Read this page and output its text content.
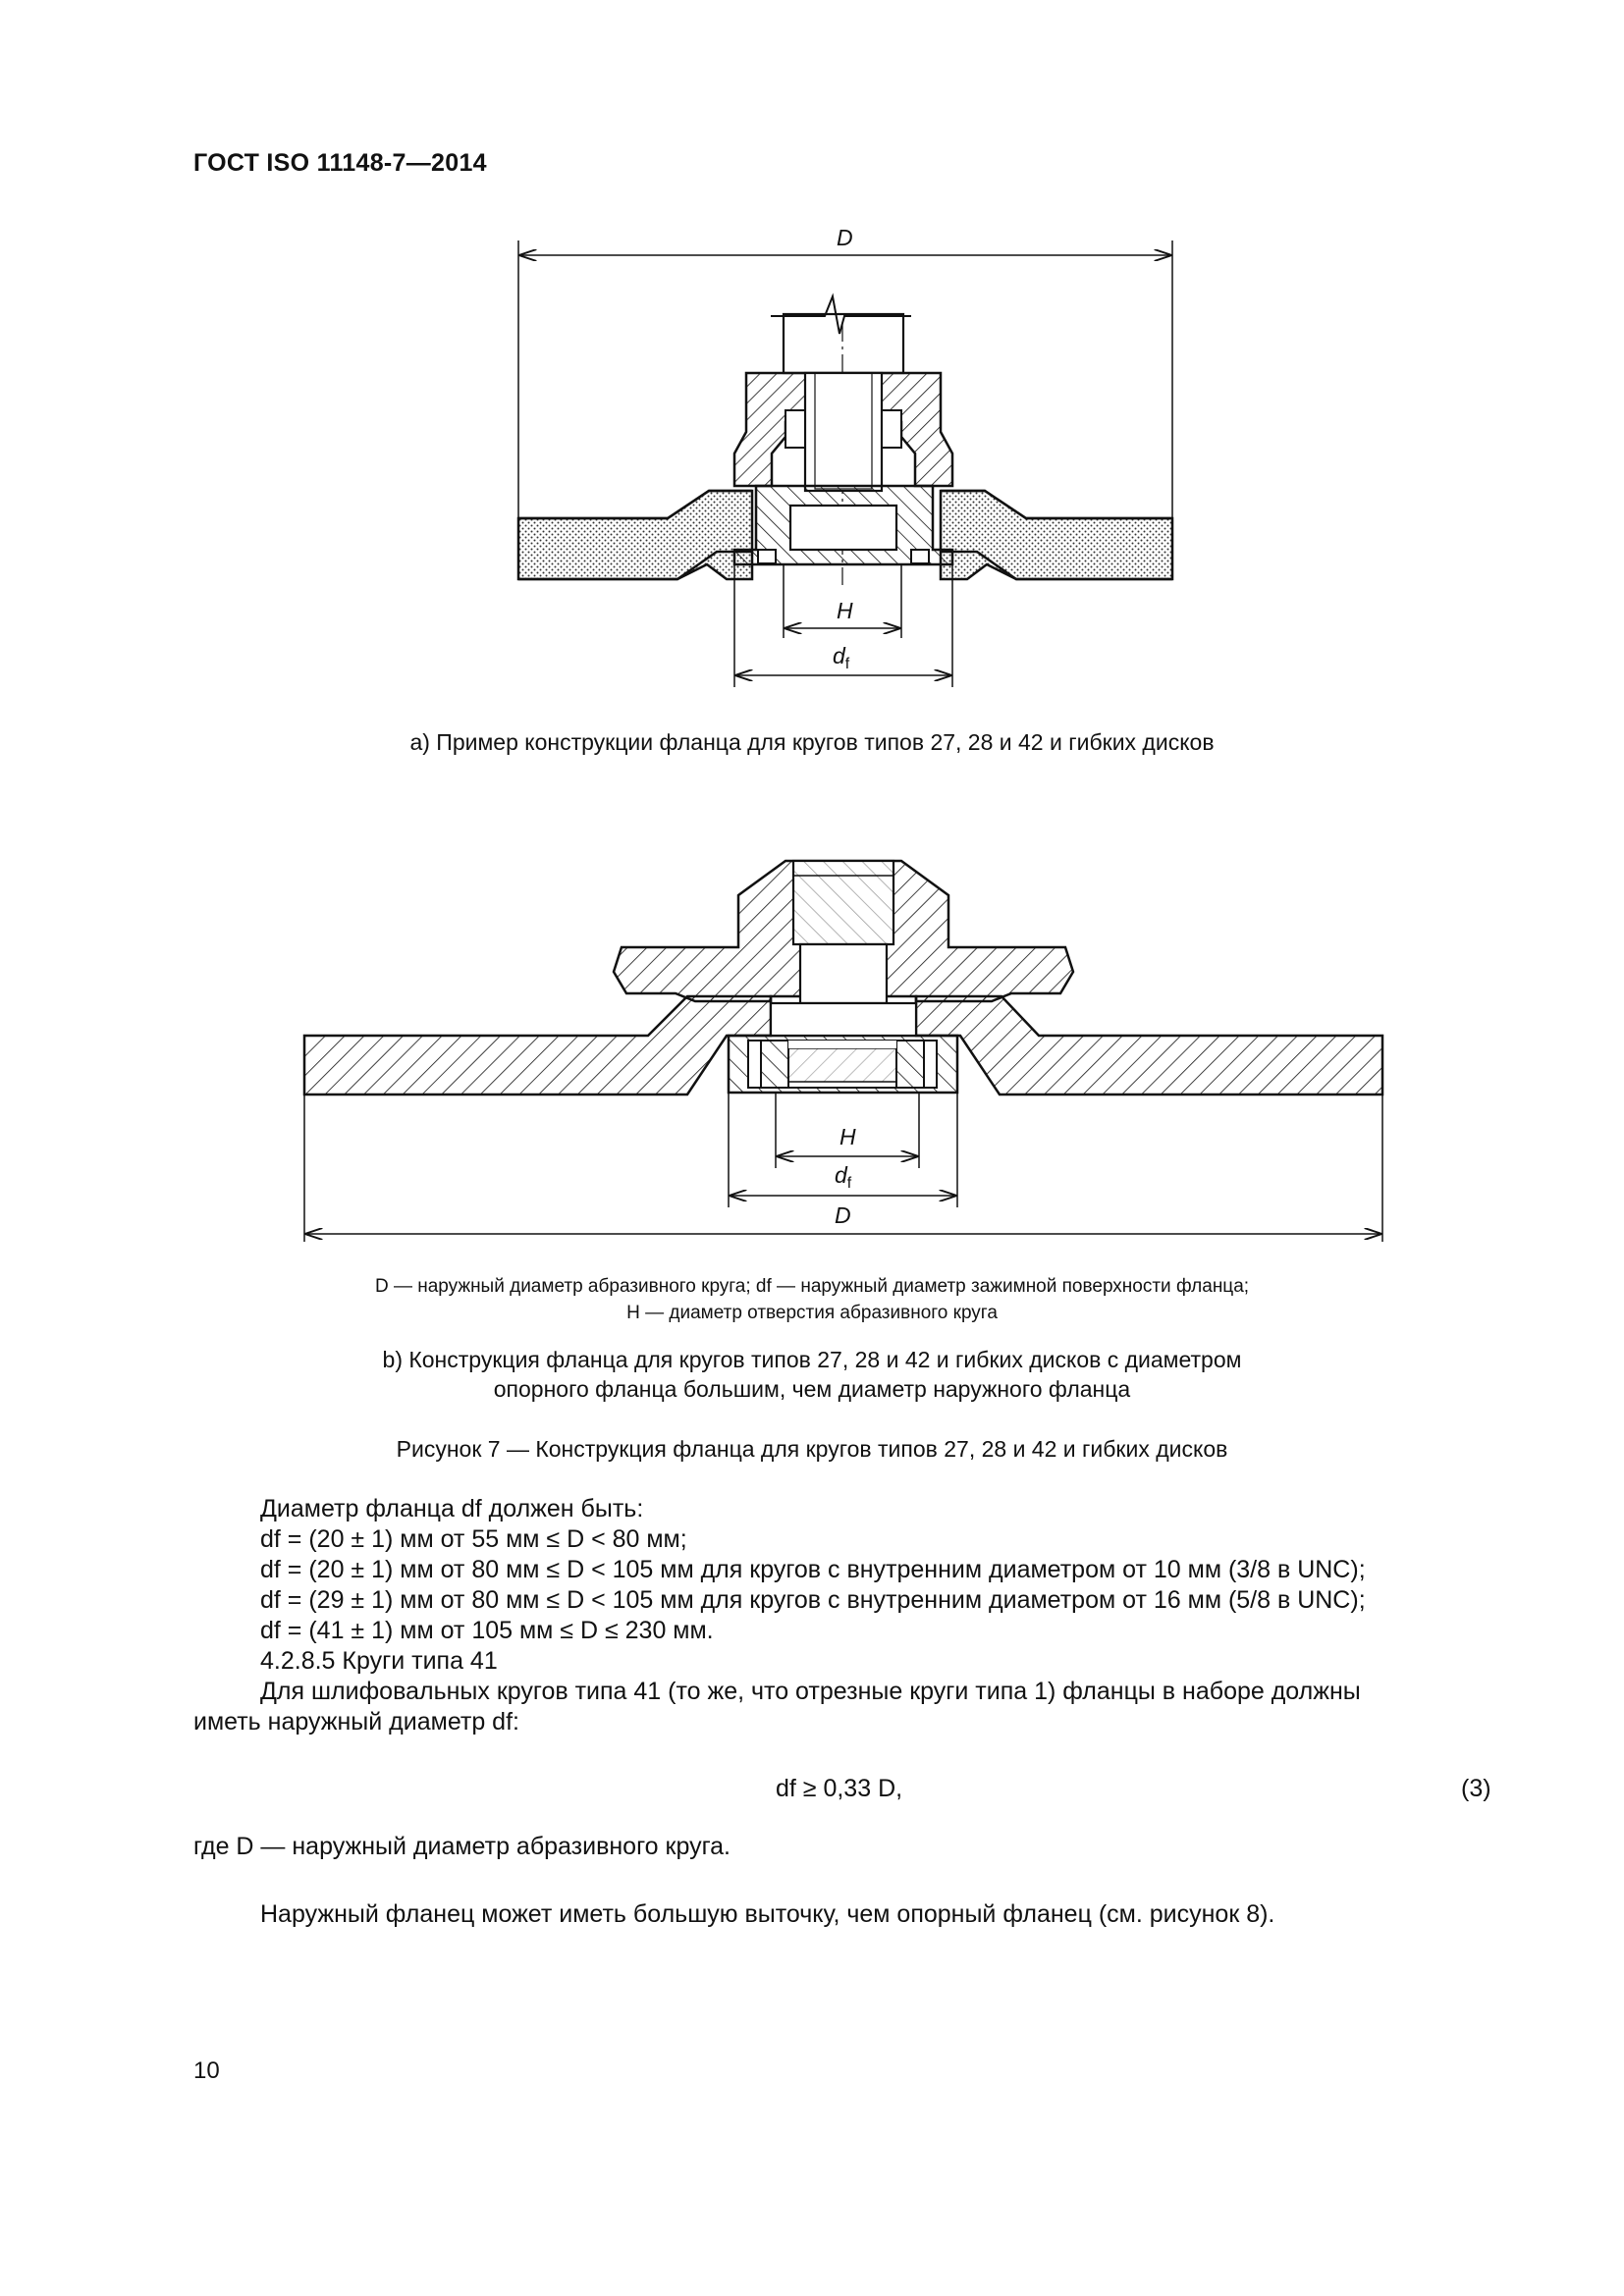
ГОСТ ISO 11148-7—2014
D
H
$d_f$
а) Пример конструкции фланца для кругов типов 27, 28 и 42 и гибких дисков
H
$d_f$
D
D — наружный диаметр абразивного круга; df — наружный диаметр зажимной поверхности фланца;
H — диаметр отверстия абразивного круга
b) Конструкция фланца для кругов типов 27, 28 и 42 и гибких дисков с диаметром
опорного фланца большим, чем диаметр наружного фланца
Рисунок 7 — Конструкция фланца для кругов типов 27, 28 и 42 и гибких дисков
Диаметр фланца df должен быть:
df = (20 ± 1) мм от 55 мм ≤ D < 80 мм;
df = (20 ± 1) мм от 80 мм ≤ D < 105 мм для кругов с внутренним диаметром от 10 мм (3/8 в UNC);
df = (29 ± 1) мм от 80 мм ≤ D < 105 мм для кругов с внутренним диаметром от 16 мм (5/8 в UNC);
df = (41 ± 1) мм от 105 мм ≤ D ≤ 230 мм.
4.2.8.5 Круги типа 41
Для шлифовальных кругов типа 41 (то же, что отрезные круги типа 1) фланцы в наборе должны
иметь наружный диаметр df:
df ≥ 0,33 D,	(3)
где D — наружный диаметр абразивного круга.
Наружный фланец может иметь большую выточку, чем опорный фланец (см. рисунок 8).
10
